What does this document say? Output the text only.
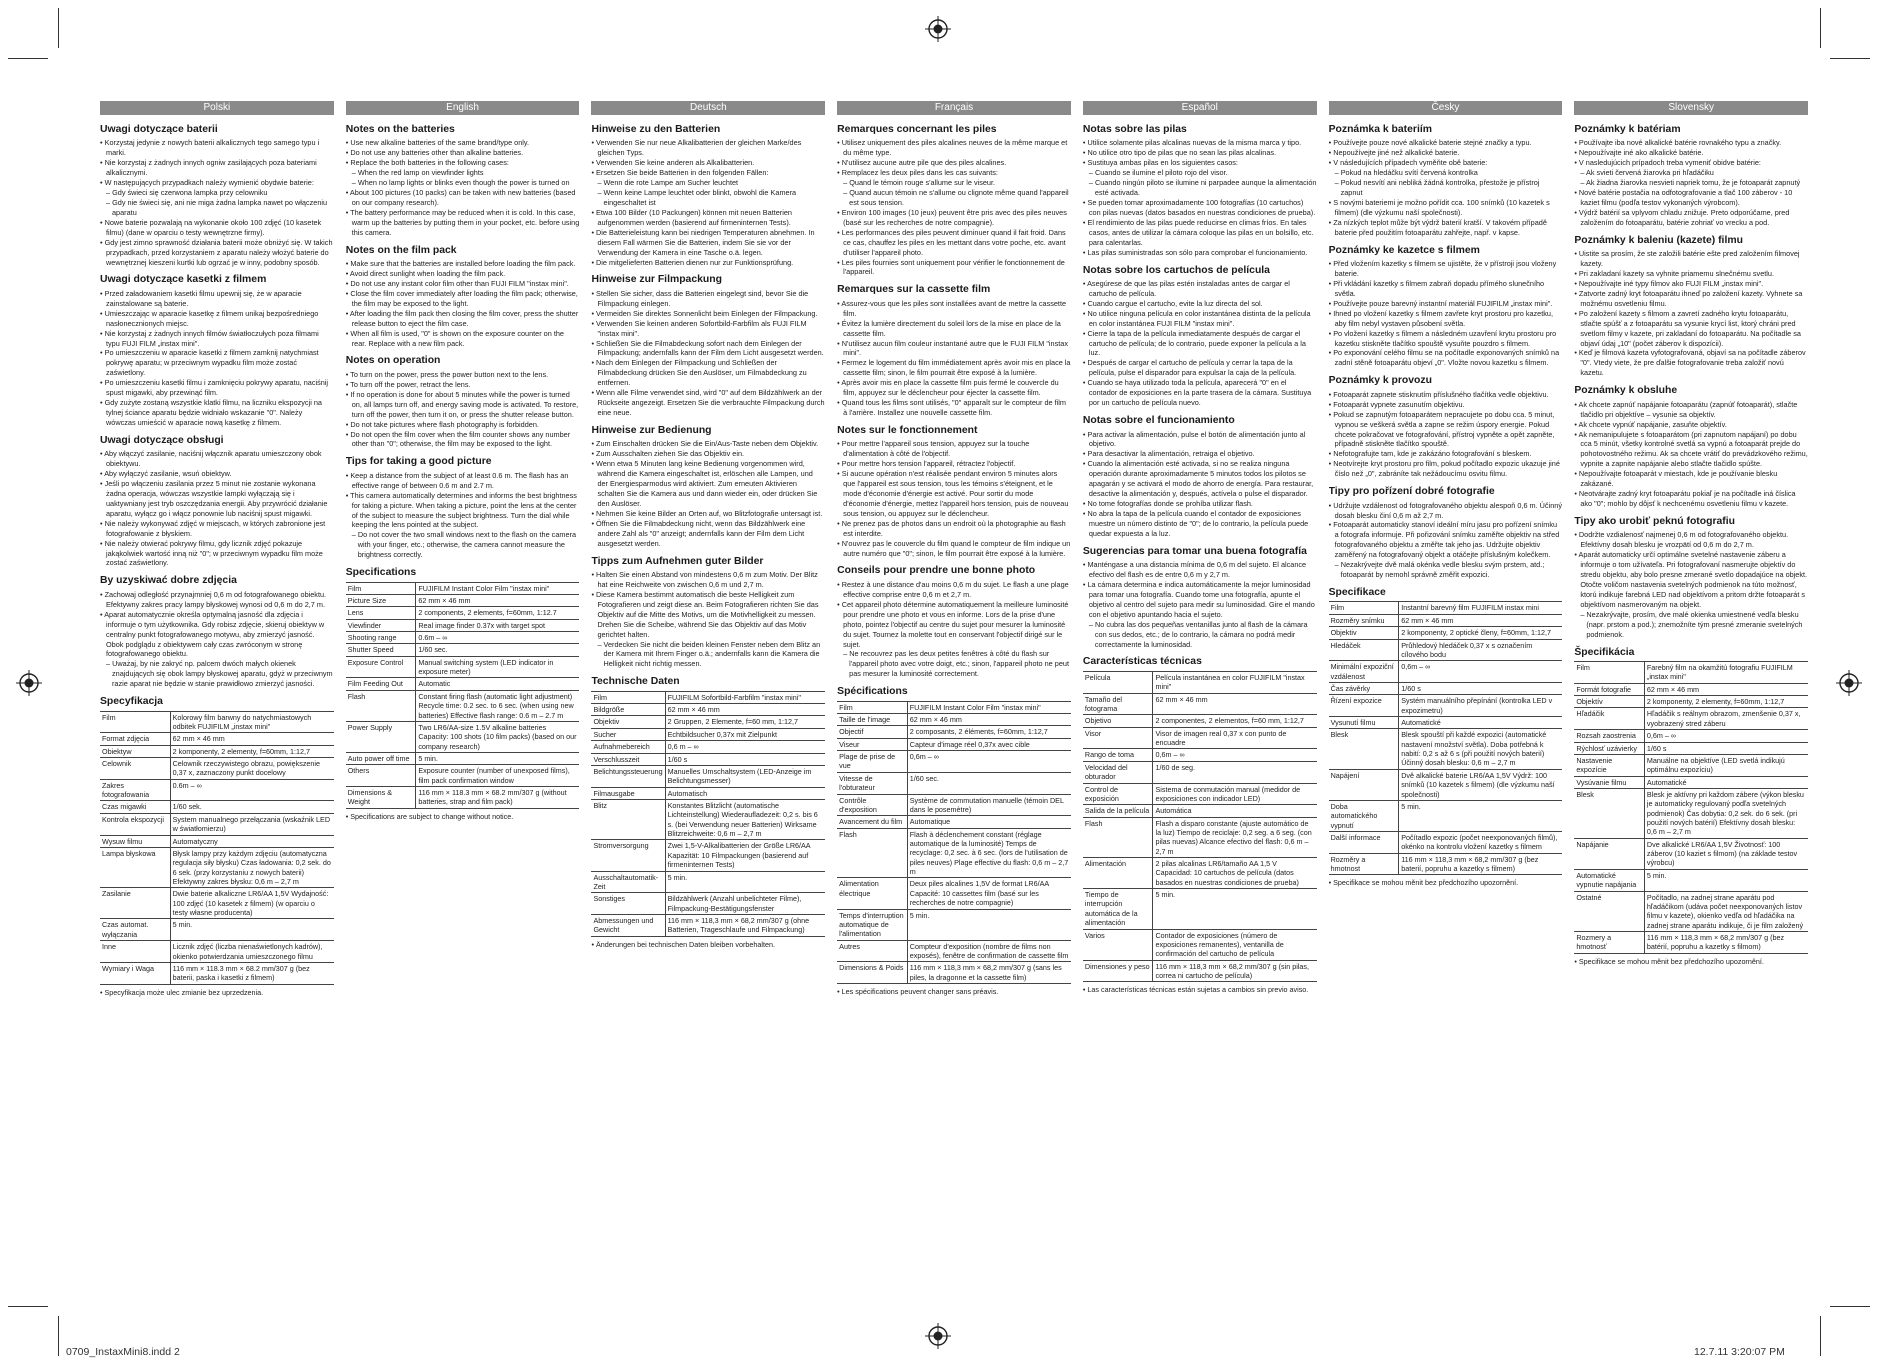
Polski
Uwagi dotyczące baterii
• Korzystaj jedynie z nowych baterii alkalicznych tego samego typu i marki.
• Nie korzystaj z żadnych innych ogniw zasilających poza bateriami alkalicznymi.
• W następujących przypadkach należy wymienić obydwie baterie:
– Gdy świeci się czerwona lampka przy celowniku
– Gdy nie świeci się, ani nie miga żadna lampka nawet po włączeniu aparatu
• Nowe baterie pozwalają na wykonanie około 100 zdjęć (10 kasetek filmu) (dane w oparciu o testy wewnętrzne firmy).
• Gdy jest zimno sprawność działania baterii może obniżyć się. W takich przypadkach, przed korzystaniem z aparatu należy włożyć baterie do wewnętrznej kieszeni kurtki lub ogrzać je w inny, podobny sposób.
Uwagi dotyczące kasetki z filmem
• Przed załadowaniem kasetki filmu upewnij się, że w aparacie zainstalowane są baterie.
• Umieszczając w aparacie kasetkę z filmem unikaj bezpośredniego nasłonecznionych miejsc.
• Nie korzystaj z żadnych innych filmów światłoczułych poza filmami typu FUJI FILM „instax mini".
• Po umieszczeniu w aparacie kasetki z filmem zamknij natychmiast pokrywę aparatu; w przeciwnym wypadku film może zostać zaświetlony.
• Po umieszczeniu kasetki filmu i zamknięciu pokrywy aparatu, naciśnij spust migawki, aby przewinąć film.
• Gdy zużyte zostaną wszystkie klatki filmu, na liczniku ekspozycji na tylnej ściance aparatu będzie widniało wskazanie "0". Należy wówczas umieścić w aparacie nową kasetkę z filmem.
Uwagi dotyczące obsługi
• Aby włączyć zasilanie, naciśnij włącznik aparatu umieszczony obok obiektywu.
• Aby wyłączyć zasilanie, wsuń obiektyw.
• Jeśli po włączeniu zasilania przez 5 minut nie zostanie wykonana żadna operacja, wówczas wszystkie lampki wyłączają się i uaktywniany jest tryb oszczędzania energii. Aby przywrócić działanie aparatu, wyłącz go i włącz ponownie lub naciśnij spust migawki.
• Nie należy wykonywać zdjęć w miejscach, w których zabronione jest fotografowanie z błyskiem.
• Nie należy otwierać pokrywy filmu, gdy licznik zdjęć pokazuje jakąkolwiek wartość inną niż "0"; w przeciwnym wypadku film może zostać zaświetlony.
By uzyskiwać dobre zdjęcia
• Zachowaj odległość przynajmniej 0,6 m od fotografowanego obiektu. Efektywny zakres pracy lampy błyskowej wynosi od 0,6 m do 2,7 m.
• Aparat automatycznie określa optymalną jasność dla zdjęcia i informuje o tym użytkownika. Gdy robisz zdjęcie, skieruj obiektyw w centralny punkt fotografowanego motywu, aby zmierzyć jasność. Obok podglądu z obiektywem cały czas zwróconym w stronę fotografowanego obiektu.
– Uważaj, by nie zakryć np. palcem dwóch małych okienek znajdujących się obok lampy błyskowej aparatu, gdyż w przeciwnym razie aparat nie będzie w stanie prawidłowo zmierzyć jasności.
Specyfikacja
Film	Kolorowy film barwny do natychmiastowych odbitek FUJIFILM „instax mini"
Format zdjęcia	62 mm × 46 mm
Obiektyw	2 komponenty, 2 elementy, f=60mm, 1:12,7
Celownik	Celownik rzeczywistego obrazu, powiększenie 0,37 x, zaznaczony punkt docelowy
Zakres fotografowania	0.6m – ∞
Czas migawki	1/60 sek.
Kontrola ekspozycji	System manualnego przełączania (wskaźnik LED w światłomierzu)
Wysuw filmu	Automatyczny
Lampa błyskowa	Błysk lampy przy każdym zdjęciu (automatyczna regulacja siły błysku) Czas ładowania: 0,2 sek. do 6 sek. (przy korzystaniu z nowych baterii) Efektywny zakres błysku: 0,6 m – 2,7 m
Zasilanie	Dwie baterie alkaliczne LR6/AA 1,5V Wydajność: 100 zdjęć (10 kasetek z filmem) (w oparciu o testy własne producenta)
Czas automat. wyłączania	5 min.
Inne	Licznik zdjęć (liczba nienaświetlonych kadrów), okienko potwierdzania umieszczonego filmu
Wymiary i Waga	116 mm × 118.3 mm × 68.2 mm/307 g (bez baterii, paska i kasetki z filmem)
• Specyfikacja może ulec zmianie bez uprzedzenia.
English
Notes on the batteries
• Use new alkaline batteries of the same brand/type only.
• Do not use any batteries other than alkaline batteries.
• Replace the both batteries in the following cases:
– When the red lamp on viewfinder lights
– When no lamp lights or blinks even though the power is turned on
• About 100 pictures (10 packs) can be taken with new batteries (based on our company research).
• The battery performance may be reduced when it is cold. In this case, warm up the batteries by putting them in your pocket, etc. before using this camera.
Notes on the film pack
• Make sure that the batteries are installed before loading the film pack.
• Avoid direct sunlight when loading the film pack.
• Do not use any instant color film other than FUJI FILM "instax mini".
• Close the film cover immediately after loading the film pack; otherwise, the film may be exposed to the light.
• After loading the film pack then closing the film cover, press the shutter release button to eject the film case.
• When all film is used, "0" is shown on the exposure counter on the rear. Replace with a new film pack.
Notes on operation
• To turn on the power, press the power button next to the lens.
• To turn off the power, retract the lens.
• If no operation is done for about 5 minutes while the power is turned on, all lamps turn off, and energy saving mode is activated. To restore, turn off the power, then turn it on, or press the shutter release button.
• Do not take pictures where flash photography is forbidden.
• Do not open the film cover when the film counter shows any number other than "0"; otherwise, the film may be exposed to the light.
Tips for taking a good picture
• Keep a distance from the subject of at least 0.6 m. The flash has an effective range of between 0.6 m and 2.7 m.
• This camera automatically determines and informs the best brightness for taking a picture. When taking a picture, point the lens at the center of the subject to measure the subject brightness. Turn the dial while keeping the lens pointed at the subject.
– Do not cover the two small windows next to the flash on the camera with your finger, etc.; otherwise, the camera cannot measure the brightness correctly.
Specifications
Film	FUJIFILM Instant Color Film "instax mini"
Picture Size	62 mm × 46 mm
Lens	2 components, 2 elements, f=60mm, 1:12.7
Viewfinder	Real image finder 0.37x with target spot
Shooting range	0.6m – ∞
Shutter Speed	1/60 sec.
Exposure Control	Manual switching system (LED indicator in exposure meter)
Film Feeding Out	Automatic
Flash	Constant firing flash (automatic light adjustment) Recycle time: 0.2 sec. to 6 sec. (when using new batteries) Effective flash range: 0.6 m – 2.7 m
Power Supply	Two LR6/AA-size 1.5V alkaline batteries Capacity: 100 shots (10 film packs) (based on our company research)
Auto power off time	5 min.
Others	Exposure counter (number of unexposed films), film pack confirmation window
Dimensions & Weight	116 mm × 118.3 mm × 68.2 mm/307 g (without batteries, strap and film pack)
• Specifications are subject to change without notice.
Deutsch
Hinweise zu den Batterien
• Verwenden Sie nur neue Alkalibatterien der gleichen Marke/des gleichen Typs.
• Verwenden Sie keine anderen als Alkalibatterien.
• Ersetzen Sie beide Batterien in den folgenden Fällen:
– Wenn die rote Lampe am Sucher leuchtet
– Wenn keine Lampe leuchtet oder blinkt, obwohl die Kamera eingeschaltet ist
• Etwa 100 Bilder (10 Packungen) können mit neuen Batterien aufgenommen werden (basierend auf firmeninternen Tests).
• Die Batterieleistung kann bei niedrigen Temperaturen abnehmen. In diesem Fall wärmen Sie die Batterien, indem Sie sie vor der Verwendung der Kamera in eine Tasche o.ä. legen.
• Die mitgelieferten Batterien dienen nur zur Funktionsprüfung.
Hinweise zur Filmpackung
• Stellen Sie sicher, dass die Batterien eingelegt sind, bevor Sie die Filmpackung einlegen.
• Vermeiden Sie direktes Sonnenlicht beim Einlegen der Filmpackung.
• Verwenden Sie keinen anderen Sofortbild-Farbfilm als FUJI FILM "instax mini".
• Schließen Sie die Filmabdeckung sofort nach dem Einlegen der Filmpackung; andernfalls kann der Film dem Licht ausgesetzt werden.
• Nach dem Einlegen der Filmpackung und Schließen der Filmabdeckung drücken Sie den Auslöser, um Filmabdeckung zu entfernen.
• Wenn alle Filme verwendet sind, wird "0" auf dem Bildzählwerk an der Rückseite angezeigt. Ersetzen Sie die verbrauchte Filmpackung durch eine neue.
Hinweise zur Bedienung
• Zum Einschalten drücken Sie die Ein/Aus-Taste neben dem Objektiv.
• Zum Ausschalten ziehen Sie das Objektiv ein.
• Wenn etwa 5 Minuten lang keine Bedienung vorgenommen wird, während die Kamera eingeschaltet ist, erlöschen alle Lampen, und der Energiesparmodus wird aktiviert. Zum erneuten Aktivieren schalten Sie die Kamera aus und dann wieder ein, oder drücken Sie den Auslöser.
• Nehmen Sie keine Bilder an Orten auf, wo Blitzfotografie untersagt ist.
• Öffnen Sie die Filmabdeckung nicht, wenn das Bildzählwerk eine andere Zahl als "0" anzeigt; andernfalls kann der Film dem Licht ausgesetzt werden.
Tipps zum Aufnehmen guter Bilder
• Halten Sie einen Abstand von mindestens 0,6 m zum Motiv. Der Blitz hat eine Reichweite von zwischen 0,6 m und 2,7 m.
• Diese Kamera bestimmt automatisch die beste Helligkeit zum Fotografieren und zeigt diese an. Beim Fotografieren richten Sie das Objektiv auf die Mitte des Motivs, um die Motivhelligkeit zu messen. Drehen Sie die Scheibe, während Sie das Objektiv auf das Motiv gerichtet halten.
– Verdecken Sie nicht die beiden kleinen Fenster neben dem Blitz an der Kamera mit Ihrem Finger o.ä.; andernfalls kann die Kamera die Helligkeit nicht richtig messen.
Technische Daten
Film	FUJIFILM Sofortbild-Farbfilm "instax mini"
Bildgröße	62 mm × 46 mm
Objektiv	2 Gruppen, 2 Elemente, f=60 mm, 1:12,7
Sucher	Echtbildsucher 0,37x mit Zielpunkt
Aufnahmebereich	0,6 m – ∞
Verschlusszeit	1/60 s
Belichtungssteuerung	Manuelles Umschaltsystem (LED-Anzeige im Belichtungsmesser)
Filmausgabe	Automatisch
Blitz	Konstantes Blitzlicht (automatische Lichteinstellung) Wiederaufladezeit: 0,2 s. bis 6 s. (bei Verwendung neuer Batterien) Wirksame Blitzreichweite: 0,6 m – 2,7 m
Stromversorgung	Zwei 1,5-V-Alkalibatterien der Größe LR6/AA Kapazität: 10 Filmpackungen (basierend auf firmeninternen Tests)
Ausschaltautomatik-Zeit	5 min.
Sonstiges	Bildzählwerk (Anzahl unbelichteter Filme), Filmpackung-Bestätigungsfenster
Abmessungen und Gewicht	116 mm × 118,3 mm × 68,2 mm/307 g (ohne Batterien, Trageschlaufe und Filmpackung)
• Änderungen bei technischen Daten bleiben vorbehalten.
Français
Remarques concernant les piles
• Utilisez uniquement des piles alcalines neuves de la même marque et du même type.
• N'utilisez aucune autre pile que des piles alcalines.
• Remplacez les deux piles dans les cas suivants:
– Quand le témoin rouge s'allume sur le viseur.
– Quand aucun témoin ne s'allume ou clignote même quand l'appareil est sous tension.
• Environ 100 images (10 jeux) peuvent être pris avec des piles neuves (basé sur les recherches de notre compagnie).
• Les performances des piles peuvent diminuer quand il fait froid. Dans ce cas, chauffez les piles en les mettant dans votre poche, etc. avant d'utiliser l'appareil photo.
• Les piles fournies sont uniquement pour vérifier le fonctionnement de l'appareil.
Remarques sur la cassette film
• Assurez-vous que les piles sont installées avant de mettre la cassette film.
• Évitez la lumière directement du soleil lors de la mise en place de la cassette film.
• N'utilisez aucun film couleur instantané autre que le FUJI FILM "instax mini".
• Fermez le logement du film immédiatement après avoir mis en place la cassette film; sinon, le film pourrait être exposé à la lumière.
• Après avoir mis en place la cassette film puis fermé le couvercle du film, appuyez sur le déclencheur pour éjecter la cassette film.
• Quand tous les films sont utilisés, "0" apparaît sur le compteur de film à l'arrière. Installez une nouvelle cassette film.
Notes sur le fonctionnement
• Pour mettre l'appareil sous tension, appuyez sur la touche d'alimentation à côté de l'objectif.
• Pour mettre hors tension l'appareil, rétractez l'objectif.
• Si aucune opération n'est réalisée pendant environ 5 minutes alors que l'appareil est sous tension, tous les témoins s'éteignent, et le mode d'économie d'énergie est activé. Pour sortir du mode d'économie d'énergie, mettez l'appareil hors tension, puis de nouveau sous tension, ou appuyez sur le déclencheur.
• Ne prenez pas de photos dans un endroit où la photographie au flash est interdite.
• N'ouvrez pas le couvercle du film quand le compteur de film indique un autre numéro que "0"; sinon, le film pourrait être exposé à la lumière.
Conseils pour prendre une bonne photo
• Restez à une distance d'au moins 0,6 m du sujet. Le flash a une plage effective comprise entre 0,6 m et 2,7 m.
• Cet appareil photo détermine automatiquement la meilleure luminosité pour prendre une photo et vous en informe. Lors de la prise d'une photo, pointez l'objectif au centre du sujet pour mesurer la luminosité du sujet. Tournez la molette tout en conservant l'objectif dirigé sur le sujet.
– Ne recouvrez pas les deux petites fenêtres à côté du flash sur l'appareil photo avec votre doigt, etc.; sinon, l'appareil photo ne peut pas mesurer la luminosité correctement.
Spécifications
Film	FUJIFILM Instant Color Film "instax mini"
Taille de l'image	62 mm × 46 mm
Objectif	2 composants, 2 éléments, f=60mm, 1:12,7
Viseur	Capteur d'image réel 0,37x avec cible
Plage de prise de vue	0,6m – ∞
Vitesse de l'obturateur	1/60 sec.
Contrôle d'exposition	Système de commutation manuelle (témoin DEL dans le posemètre)
Avancement du film	Automatique
Flash	Flash à déclenchement constant (réglage automatique de la luminosité) Temps de recyclage: 0,2 sec. à 6 sec. (lors de l'utilisation de piles neuves) Plage effective du flash: 0,6 m – 2,7 m
Alimentation électrique	Deux piles alcalines 1,5V de format LR6/AA Capacité: 10 cassettes film (basé sur les recherches de notre compagnie)
Temps d'interruption automatique de l'alimentation	5 min.
Autres	Compteur d'exposition (nombre de films non exposés), fenêtre de confirmation de cassette film
Dimensions & Poids	116 mm × 118,3 mm × 68,2 mm/307 g (sans les piles, la dragonne et la cassette film)
• Les spécifications peuvent changer sans préavis.
Español
Notas sobre las pilas
• Utilice solamente pilas alcalinas nuevas de la misma marca y tipo.
• No utilice otro tipo de pilas que no sean las pilas alcalinas.
• Sustituya ambas pilas en los siguientes casos:
– Cuando se ilumine el piloto rojo del visor.
– Cuando ningún piloto se ilumine ni parpadee aunque la alimentación esté activada.
• Se pueden tomar aproximadamente 100 fotografías (10 cartuchos) con pilas nuevas (datos basados en nuestras condiciones de prueba).
• El rendimiento de las pilas puede reducirse en climas fríos. En tales casos, antes de utilizar la cámara coloque las pilas en un bolsillo, etc. para calentarlas.
• Las pilas suministradas son sólo para comprobar el funcionamiento.
Notas sobre los cartuchos de película
• Asegúrese de que las pilas estén instaladas antes de cargar el cartucho de película.
• Cuando cargue el cartucho, evite la luz directa del sol.
• No utilice ninguna película en color instantánea distinta de la película en color instantánea FUJI FILM "instax mini".
• Cierre la tapa de la película inmediatamente después de cargar el cartucho de película; de lo contrario, puede exponer la película a la luz.
• Después de cargar el cartucho de película y cerrar la tapa de la película, pulse el disparador para expulsar la caja de la película.
• Cuando se haya utilizado toda la película, aparecerá "0" en el contador de exposiciones en la parte trasera de la cámara. Sustituya por un cartucho de película nuevo.
Notas sobre el funcionamiento
• Para activar la alimentación, pulse el botón de alimentación junto al objetivo.
• Para desactivar la alimentación, retraiga el objetivo.
• Cuando la alimentación esté activada, si no se realiza ninguna operación durante aproximadamente 5 minutos todos los pilotos se apagarán y se activará el modo de ahorro de energía. Para restaurar, desactive la alimentación y, después, actívela o pulse el disparador.
• No tome fotografías donde se prohíba utilizar flash.
• No abra la tapa de la película cuando el contador de exposiciones muestre un número distinto de "0"; de lo contrario, la película puede quedar expuesta a la luz.
Sugerencias para tomar una buena fotografía
• Manténgase a una distancia mínima de 0,6 m del sujeto. El alcance efectivo del flash es de entre 0,6 m y 2,7 m.
• La cámara determina e indica automáticamente la mejor luminosidad para tomar una fotografía. Cuando tome una fotografía, apunte el objetivo al centro del sujeto para medir su luminosidad. Gire el mando con el objetivo apuntando hacia el sujeto.
– No cubra las dos pequeñas ventanillas junto al flash de la cámara con sus dedos, etc.; de lo contrario, la cámara no podrá medir correctamente la luminosidad.
Características técnicas
Película	Película instantánea en color FUJIFILM "instax mini"
Tamaño del fotograma	62 mm × 46 mm
Objetivo	2 componentes, 2 elementos, f=60 mm, 1:12,7
Visor	Visor de imagen real 0,37 x con punto de encuadre
Rango de toma	0,6m – ∞
Velocidad del obturador	1/60 de seg.
Control de exposición	Sistema de conmutación manual (medidor de exposiciones con indicador LED)
Salida de la película	Automática
Flash	Flash a disparo constante (ajuste automático de la luz) Tiempo de reciclaje: 0,2 seg. a 6 seg. (con pilas nuevas) Alcance efectivo del flash: 0,6 m – 2,7 m
Alimentación	2 pilas alcalinas LR6/tamaño AA 1,5 V Capacidad: 10 cartuchos de película (datos basados en nuestras condiciones de prueba)
Tiempo de interrupción automática de la alimentación	5 min.
Varios	Contador de exposiciones (número de exposiciones remanentes), ventanilla de confirmación del cartucho de película
Dimensiones y peso	116 mm × 118,3 mm × 68,2 mm/307 g (sin pilas, correa ni cartucho de película)
• Las características técnicas están sujetas a cambios sin previo aviso.
Česky
Poznámka k bateriím
• Používejte pouze nové alkalické baterie stejné značky a typu.
• Nepoužívejte jiné než alkalické baterie.
• V následujících případech vyměňte obě baterie:
– Pokud na hledáčku svítí červená kontrolka
– Pokud nesvítí ani nebliká žádná kontrolka, přestože je přístroj zapnut
• S novými bateriemi je možno pořídit cca. 100 snímků (10 kazetek s filmem) (dle výzkumu naší společnosti).
• Za nízkých teplot může být výdrž baterií kratší. V takovém případě baterie před použitím fotoaparátu zahřejte, např. v kapse.
Poznámky ke kazetce s filmem
• Před vložením kazetky s filmem se ujistěte, že v přístroji jsou vloženy baterie.
• Při vkládání kazetky s filmem zabraň dopadu přímého slunečního světla.
• Používejte pouze barevný instantní materiál FUJIFILM „instax mini".
• Ihned po vložení kazetky s filmem zavřete kryt prostoru pro kazetku, aby film nebyl vystaven působení světla.
• Po vložení kazetky s filmem a následném uzavření krytu prostoru pro kazetku stiskněte tlačítko spouště vysuňte pouzdro s filmem.
• Po exponování celého filmu se na počítadle exponovaných snímků na zadní stěně fotoaparátu objeví „0". Vložte novou kazetku s filmem.
Poznámky k provozu
• Fotoaparát zapnete stisknutím příslušného tlačítka vedle objektivu.
• Fotoaparát vypnete zasunutím objektivu.
• Pokud se zapnutým fotoaparátem nepracujete po dobu cca. 5 minut, vypnou se veškerá světla a zapne se režim úspory energie. Pokud chcete pokračovat ve fotografování, přístroj vypněte a opět zapněte, případně stiskněte tlačítko spouště.
• Nefotografujte tam, kde je zakázáno fotografování s bleskem.
• Neotvírejte kryt prostoru pro film, pokud počítadlo expozic ukazuje jiné číslo než „0", zabráníte tak nežádoucímu osvitu filmu.
Tipy pro pořízení dobré fotografie
• Udržujte vzdálenost od fotografovaného objektu alespoň 0,6 m. Účinný dosah blesku činí 0,6 m až 2,7 m.
• Fotoaparát automaticky stanoví ideální míru jasu pro pořízení snímku a fotografa informuje. Při pořizování snímku zaměřte objektiv na střed fotografovaného objektu a změřte tak jeho jas. Udržujte objektiv zaměřený na fotografovaný objekt a otáčejte příslušným kolečkem.
– Nezakrývejte dvě malá okénka vedle blesku svým prstem, atd.; fotoaparát by nemohl správně změřit expozici.
Specifikace
Film	Instantní barevný film FUJIFILM instax mini
Rozměry snímku	62 mm × 46 mm
Objektiv	2 komponenty, 2 optické členy, f=60mm, 1:12,7
Hledáček	Průhledový hledáček 0,37 x s označením cílového bodu
Minimální expoziční vzdálenost	0,6m – ∞
Čas závěrky	1/60 s
Řízení expozice	Systém manuálního přepínání (kontrolka LED v expozimetru)
Vysunutí filmu	Automatické
Blesk	Blesk spouští při každé expozici (automatické nastavení množství světla). Doba potřebná k nabití: 0,2 s až 6 s (při použití nových baterií) Účinný dosah blesku: 0,6 m – 2,7 m
Napájení	Dvě alkalické baterie LR6/AA 1,5V Výdrž: 100 snímků (10 kazetek s filmem) (dle výzkumu naší společnosti)
Doba automatického vypnutí	5 min.
Další informace	Počítadlo expozic (počet neexponovaných filmů), okénko na kontrolu vložení kazetky s filmem
Rozměry a hmotnost	116 mm × 118,3 mm × 68,2 mm/307 g (bez baterií, popruhu a kazetky s filmem)
• Specifikace se mohou měnit bez předchozího upozornění.
Slovensky
Poznámky k batériam
• Používajte iba nové alkalické batérie rovnakého typu a značky.
• Nepoužívajte iné ako alkalické batérie.
• V nasledujúcich prípadoch treba vymeniť obidve batérie:
– Ak svieti červená žiarovka pri hľadáčiku
– Ak žiadna žiarovka nesvieti napriek tomu, že je fotoaparát zapnutý
• Nové batérie postačia na odfotografovanie a tlač 100 záberov - 10 kaziet filmu (podľa testov vykonaných výrobcom).
• Výdrž batérií sa vplyvom chladu znižuje. Preto odporúčame, pred založením do fotoaparátu, batérie zohriať vo vrecku a pod.
Poznámky k baleniu (kazete) filmu
• Uistite sa prosím, že ste založili batérie ešte pred založením filmovej kazety.
• Pri zakladaní kazety sa vyhnite priamemu slnečnému svetlu.
• Nepoužívajte iné typy filmov ako FUJI FILM „instax mini".
• Zatvorte zadný kryt fotoaparátu ihneď po založení kazety. Vyhnete sa možnému osvetleniu filmu.
• Po založení kazety s filmom a zavretí zadného krytu fotoaparátu, stlačte spúšť a z fotoaparátu sa vysunie krycí list, ktorý chráni pred svetlom filmy v kazete, pri zakladaní do fotoaparátu. Na počítadle sa objaví údaj „10" (počet záberov k dispozícii).
• Keď je filmová kazeta vyfotografovaná, objaví sa na počítadle záberov "0". Vtedy viete, že pre ďalšie fotografovanie treba založiť novú kazetu.
Poznámky k obsluhe
• Ak chcete zapnúť napájanie fotoaparátu (zapnúť fotoaparát), stlačte tlačidlo pri objektíve – vysunie sa objektív.
• Ak chcete vypnúť napájanie, zasuňte objektív.
• Ak nemanipulujete s fotoaparátom (pri zapnutom napájaní) po dobu cca 5 minút, všetky kontrolné svetlá sa vypnú a fotoaparát prejde do pohotovostného režimu. Ak sa chcete vrátiť do prevádzkového režimu, vypnite a zapnite napájanie alebo stlačte tlačidlo spúšte.
• Nepoužívajte fotoaparát v miestach, kde je používanie blesku zakázané.
• Neotvárajte zadný kryt fotoaparátu pokiaľ je na počítadle iná číslica ako "0"; mohlo by dôjsť k nechcenému osvetleniu filmu v kazete.
Tipy ako urobiť peknú fotografiu
• Dodržte vzdialenosť najmenej 0,6 m od fotografovaného objektu. Efektívny dosah blesku je vrozpätí od 0,6 m do 2,7 m.
• Aparát automaticky určí optimálne svetelné nastavenie záberu a informuje o tom užívateľa. Pri fotografovaní nasmerujte objektív do stredu objektu, aby bolo presne zmerané svetlo dopadajúce na objekt. Otočte voličom nastavenia svetelných podmienok na túto možnosť, ktorú indikuje farebná LED nad objektívom a pritom držte fotoaparát s objektívom nasmerovaným na objekt.
– Nezakrývajte, prosím, dve malé okienka umiestnené vedľa blesku (napr. prstom a pod.); znemožníte tým presné zmeranie svetelných podmienok.
Špecifikácia
Film	Farebný film na okamžitú fotografiu FUJIFILM „instax mini"
Formát fotografie	62 mm × 46 mm
Objektív	2 komponenty, 2 elementy, f=60mm, 1:12,7
Hľadáčik	Hľadáčik s reálnym obrazom, zmenšenie 0,37 x, vyobrazený stred záberu
Rozsah zaostrenia	0,6m – ∞
Rýchlosť uzávierky	1/60 s
Nastavenie expozície	Manuálne na objektíve (LED svetlá indikujú optimálnu expozíciu)
Vysúvanie filmu	Automatické
Blesk	Blesk je aktívny pri každom zábere (výkon blesku je automaticky regulovaný podľa svetelných podmienok) Čas dobytia: 0,2 sek. do 6 sek. (pri použití nových batérií) Efektívny dosah blesku: 0,6 m – 2,7 m
Napájanie	Dve alkalické LR6/AA 1,5V Životnosť: 100 záberov (10 kaziet s filmom) (na základe testov výrobcu)
Automatické vypnutie napájania	5 min.
Ostatné	Počítadlo, na zadnej strane aparátu pod hľadáčikom (udáva počet neexponovaných listov filmu v kazete), okienko vedľa od hľadáčika na zadnej strane aparátu indikuje, či je film založený
Rozmery a hmotnosť	116 mm × 118,3 mm × 68,2 mm/307 g (bez batérií, popruhu a kazetky s filmom)
• Specifikace se mohou měnit bez předchozího upozornění.
0709_InstaxMini8.indd 2	12.7.11 3:20:07 PM
